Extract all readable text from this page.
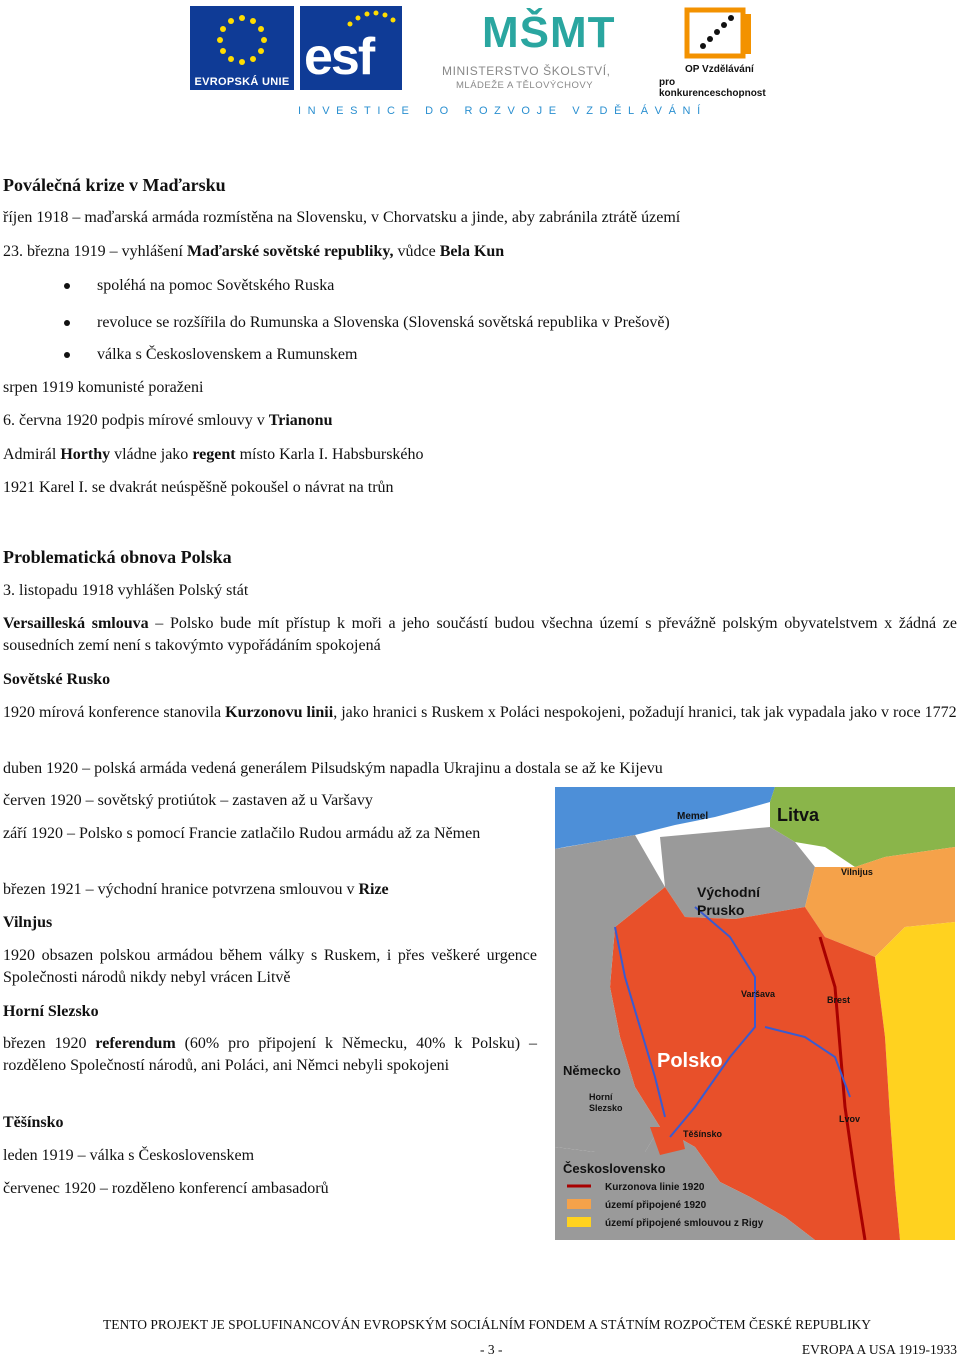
EVROPSKÁ UNIE esf MŠMT
MINISTERSTVO ŠKOLSTVÍ,
MLÁDEŽE A TĚLOVÝCHOVY
OP Vzdělávání
pro konkurenceschopnost
INVESTICE DO ROZVOJE VZDĚLÁVÁNÍ
Poválečná krize v Maďarsku
říjen 1918 – maďarská armáda rozmístěna na Slovensku, v Chorvatsku a jinde, aby zabránila ztrátě území
23. března 1919 – vyhlášení Maďarské sovětské republiky, vůdce Bela Kun
spoléhá na pomoc Sovětského Ruska
revoluce se rozšířila do Rumunska a Slovenska (Slovenská sovětská republika v Prešově)
válka s Československem a Rumunskem
srpen 1919 komunisté poraženi
6. června 1920 podpis mírové smlouvy v Trianonu
Admirál Horthy vládne jako regent místo Karla I. Habsburského
1921 Karel I. se dvakrát neúspěšně pokoušel o návrat na trůn
Problematická obnova Polska
3. listopadu 1918 vyhlášen Polský stát
Versailleská smlouva – Polsko bude mít přístup k moři a jeho součástí budou všechna území s převážně polským obyvatelstvem x žádná ze sousedních zemí není s takovýmto vypořádáním spokojená
Sovětské Rusko
1920 mírová konference stanovila Kurzonovu linii, jako hranici s Ruskem x Poláci nespokojeni, požadují hranici, tak jak vypadala jako v roce 1772
duben 1920 – polská armáda vedená generálem Pilsudským napadla Ukrajinu a dostala se až ke Kijevu
červen 1920 – sovětský protiútok – zastaven až u Varšavy
září 1920 – Polsko s pomocí Francie zatlačilo Rudou armádu až za Němen
březen 1921 – východní hranice potvrzena smlouvou v Rize
Vilnjus
1920 obsazen polskou armádou během války s Ruskem, i přes veškeré urgence Společnosti národů nikdy nebyl vrácen Litvě
Horní Slezsko
březen 1920 referendum (60% pro připojení k Německu, 40% k Polsku) – rozděleno Společností národů, ani Poláci, ani Němci nebyli spokojeni
Těšínsko
leden 1919 – válka s Československem
červenec 1920 – rozděleno konferencí ambasadorů
Memel	Litva
Vilnijus
Východní
Prusko
Varšava
Brest
Polsko
Německo
Horní
Slezsko
Lvov
Těšínsko
Československo
Kurzonova linie 1920
území připojené 1920
území připojené smlouvou z Rigy
TENTO PROJEKT JE SPOLUFINANCOVÁN EVROPSKÝM SOCIÁLNÍM FONDEM A STÁTNÍM ROZPOČTEM ČESKÉ REPUBLIKY
- 3 -	EVROPA A USA 1919-1933
